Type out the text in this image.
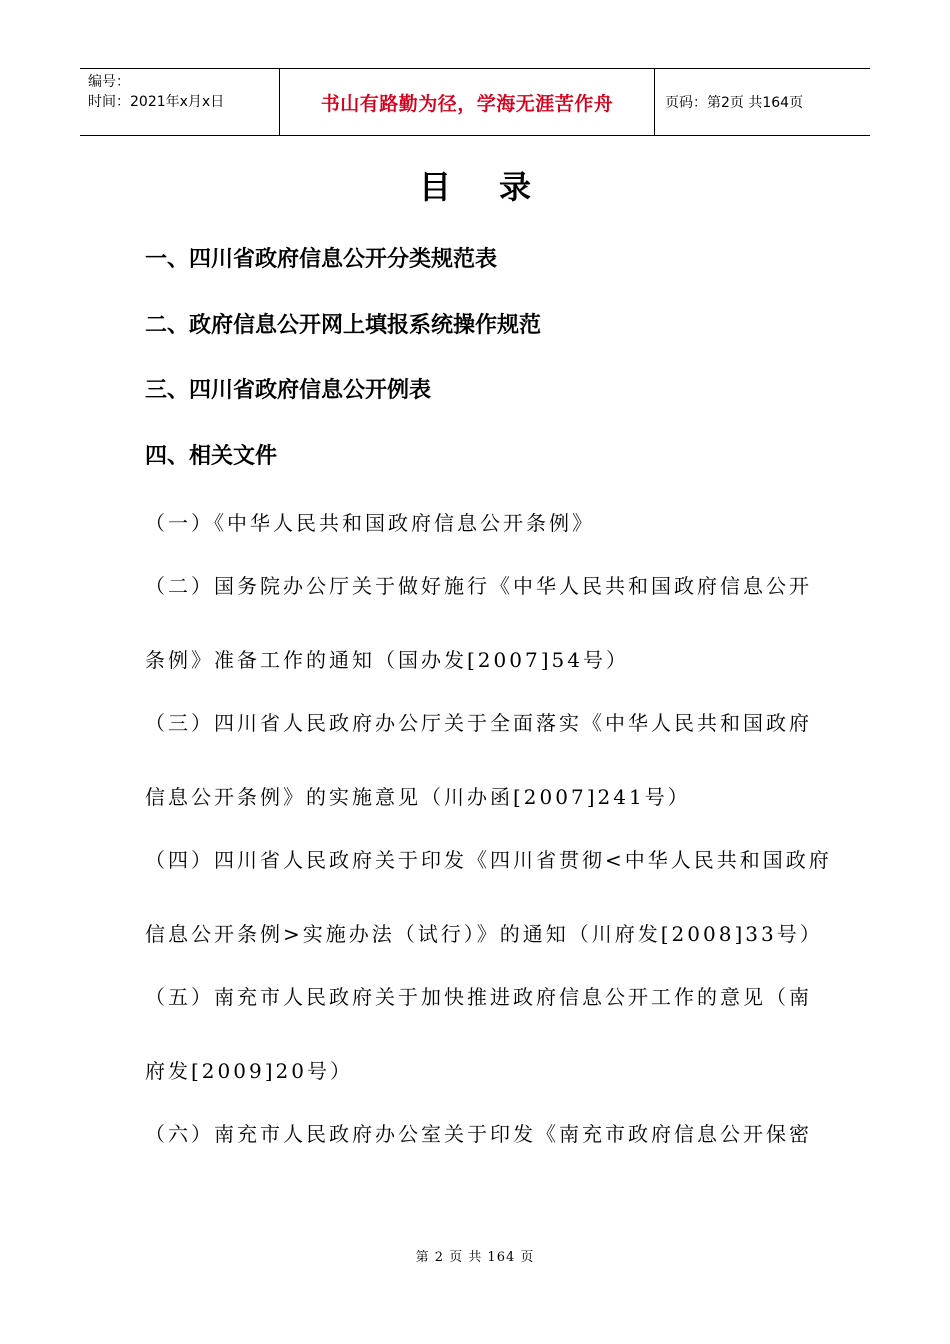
编号：
时间：2021年x月x日	书山有路勤为径，学海无涯苦作舟	页码：第2页 共164页
目录
一、四川省政府信息公开分类规范表
二、政府信息公开网上填报系统操作规范
三、四川省政府信息公开例表
四、相关文件
（一）《中华人民共和国政府信息公开条例》
（二）国务院办公厅关于做好施行《中华人民共和国政府信息公开
条例》准备工作的通知（国办发[2007]54号）
（三）四川省人民政府办公厅关于全面落实《中华人民共和国政府
信息公开条例》的实施意见（川办函[2007]241号）
（四）四川省人民政府关于印发《四川省贯彻<中华人民共和国政府
信息公开条例>实施办法（试行）》的通知（川府发[2008]33号）
（五）南充市人民政府关于加快推进政府信息公开工作的意见（南
府发[2009]20号）
（六）南充市人民政府办公室关于印发《南充市政府信息公开保密
第 2 页 共 164 页
